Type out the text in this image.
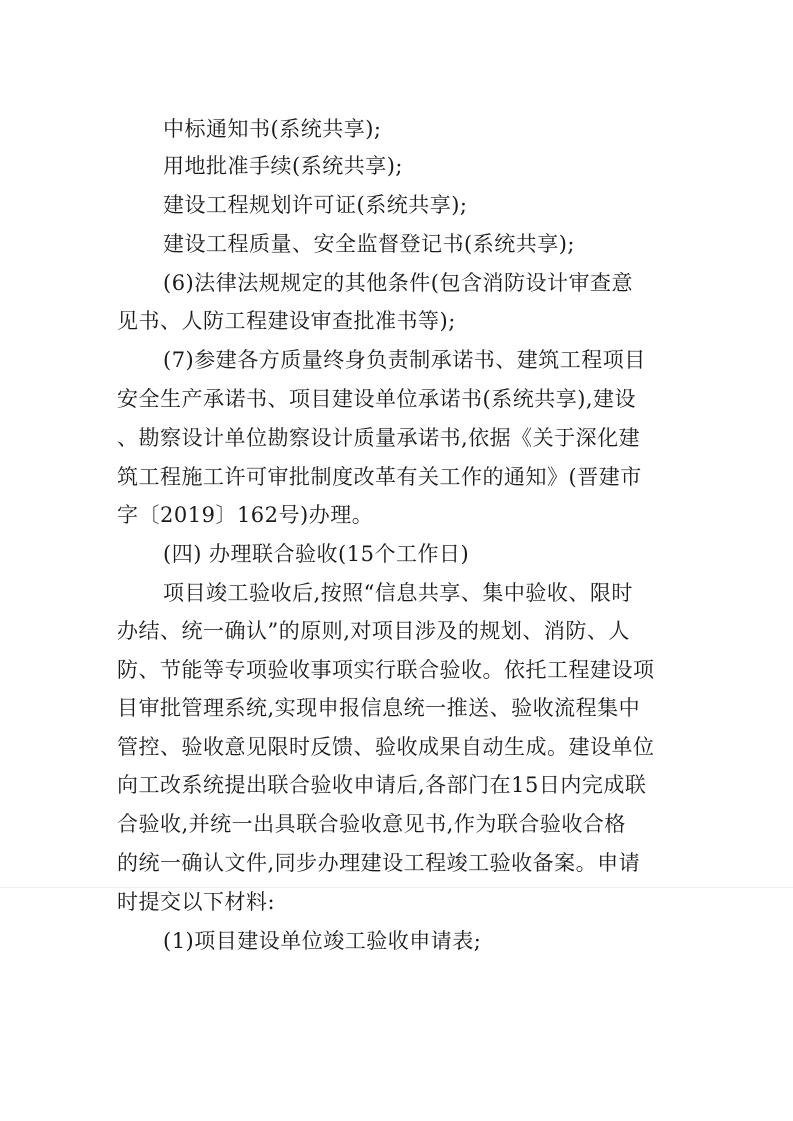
中标通知书(系统共享);
用地批准手续(系统共享);
建设工程规划许可证(系统共享);
建设工程质量、安全监督登记书(系统共享);
(6)法律法规规定的其他条件(包含消防设计审查意
见书、人防工程建设审查批准书等);
(7)参建各方质量终身负责制承诺书、建筑工程项目
安全生产承诺书、项目建设单位承诺书(系统共享),建设
、勘察设计单位勘察设计质量承诺书,依据《关于深化建
筑工程施工许可审批制度改革有关工作的通知》(晋建市
字〔2019〕162号)办理。
(四) 办理联合验收(15个工作日)
项目竣工验收后,按照“信息共享、集中验收、限时
办结、统一确认”的原则,对项目涉及的规划、消防、人
防、节能等专项验收事项实行联合验收。依托工程建设项
目审批管理系统,实现申报信息统一推送、验收流程集中
管控、验收意见限时反馈、验收成果自动生成。建设单位
向工改系统提出联合验收申请后,各部门在15日内完成联
合验收,并统一出具联合验收意见书,作为联合验收合格
的统一确认文件,同步办理建设工程竣工验收备案。申请
时提交以下材料:
(1)项目建设单位竣工验收申请表;
